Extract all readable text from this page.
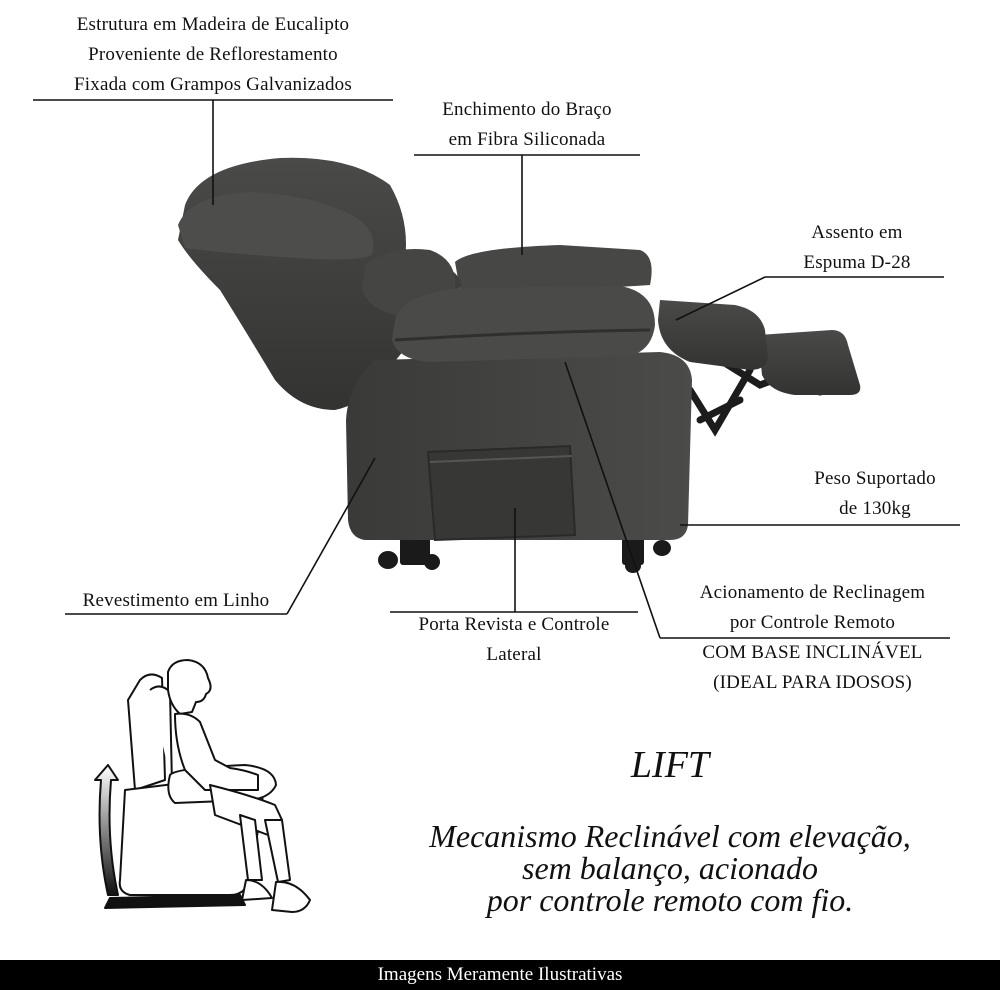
Estrutura em Madeira de Eucalipto
Proveniente de Reflorestamento
Fixada com Grampos Galvanizados
Enchimento do Braço
em Fibra Siliconada
Assento em
Espuma D-28
Peso Suportado
de 130kg
Acionamento de Reclinagem
por Controle Remoto
COM BASE INCLINÁVEL
(IDEAL PARA IDOSOS)
Revestimento em Linho
Porta Revista e Controle
Lateral
LIFT
Mecanismo Reclinável com elevação,
sem balanço, acionado
por controle remoto com fio.
Imagens Meramente Ilustrativas
